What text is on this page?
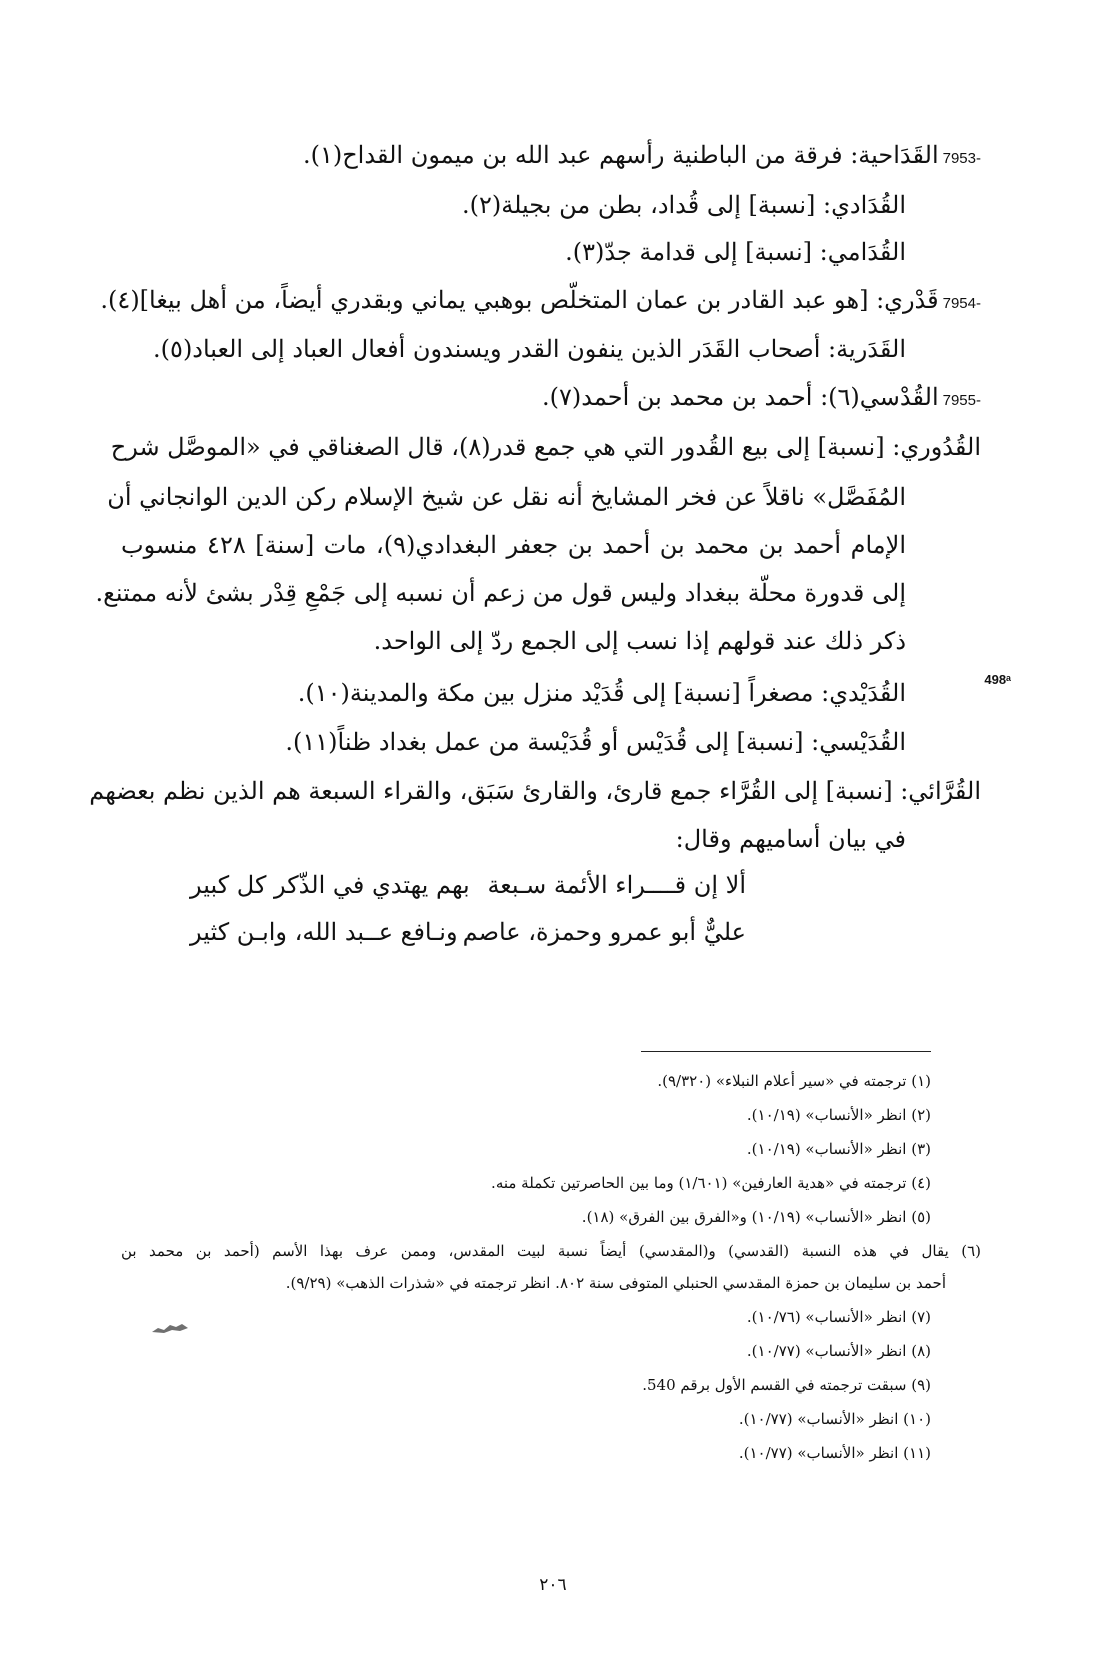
7953-القَدَاحية: فرقة من الباطنية رأسهم عبد الله بن ميمون القداح(١).
القُدَادي: [نسبة] إلى قُداد، بطن من بجيلة(٢).
القُدَامي: [نسبة] إلى قدامة جدّ(٣).
7954-قَدْري: [هو عبد القادر بن عمان المتخلّص بوهبي يماني وبقدري أيضاً، من أهل بيغا](٤).
القَدَرية: أصحاب القَدَر الذين ينفون القدر ويسندون أفعال العباد إلى العباد(٥).
7955-القُدْسي(٦): أحمد بن محمد بن أحمد(٧).
القُدُوري: [نسبة] إلى بيع القُدور التي هي جمع قدر(٨)، قال الصغناقي في «الموصَّل شرح
المُفَصَّل» ناقلاً عن فخر المشايخ أنه نقل عن شيخ الإسلام ركن الدين الوانجاني أن
الإمام أحمد بن محمد بن أحمد بن جعفر البغدادي(٩)، مات [سنة] ٤٢٨ منسوب
إلى قدورة محلّة ببغداد وليس قول من زعم أن نسبه إلى جَمْعِ قِدْر بشئ لأنه ممتنع.
ذكر ذلك عند قولهم إذا نسب إلى الجمع ردّ إلى الواحد.
498ᵃ
القُدَيْدي: مصغراً [نسبة] إلى قُدَيْد منزل بين مكة والمدينة(١٠).
القُدَيْسي: [نسبة] إلى قُدَيْس أو قُدَيْسة من عمل بغداد ظناً(١١).
القُرَّائي: [نسبة] إلى القُرَّاء جمع قارئ، والقارئ سَبَق، والقراء السبعة هم الذين نظم بعضهم
في بيان أساميهم وقال:
ألا إن قــــراء الأئمة سـبعة
بهم يهتدي في الذّكر كل كبير
عليٌّ أبو عمرو وحمزة، عاصم
ونـافع عــبد الله، وابـن كثير
(١) ترجمته في «سير أعلام النبلاء» (٩/٣٢٠).
(٢) انظر «الأنساب» (١٠/١٩).
(٣) انظر «الأنساب» (١٠/١٩).
(٤) ترجمته في «هدية العارفين» (١/٦٠١) وما بين الحاصرتين تكملة منه.
(٥) انظر «الأنساب» (١٠/١٩) و«الفرق بين الفرق» (١٨).
(٦) يقال في هذه النسبة (القدسي) و(المقدسي) أيضاً نسبة لبيت المقدس، وممن عرف بهذا الأسم (أحمد بن محمد بن
أحمد بن سليمان بن حمزة المقدسي الحنبلي المتوفى سنة ٨٠٢. انظر ترجمته في «شذرات الذهب» (٩/٢٩).
(٧) انظر «الأنساب» (١٠/٧٦).
(٨) انظر «الأنساب» (١٠/٧٧).
(٩) سبقت ترجمته في القسم الأول برقم 540.
(١٠) انظر «الأنساب» (١٠/٧٧).
(١١) انظر «الأنساب» (١٠/٧٧).
٢٠٦
